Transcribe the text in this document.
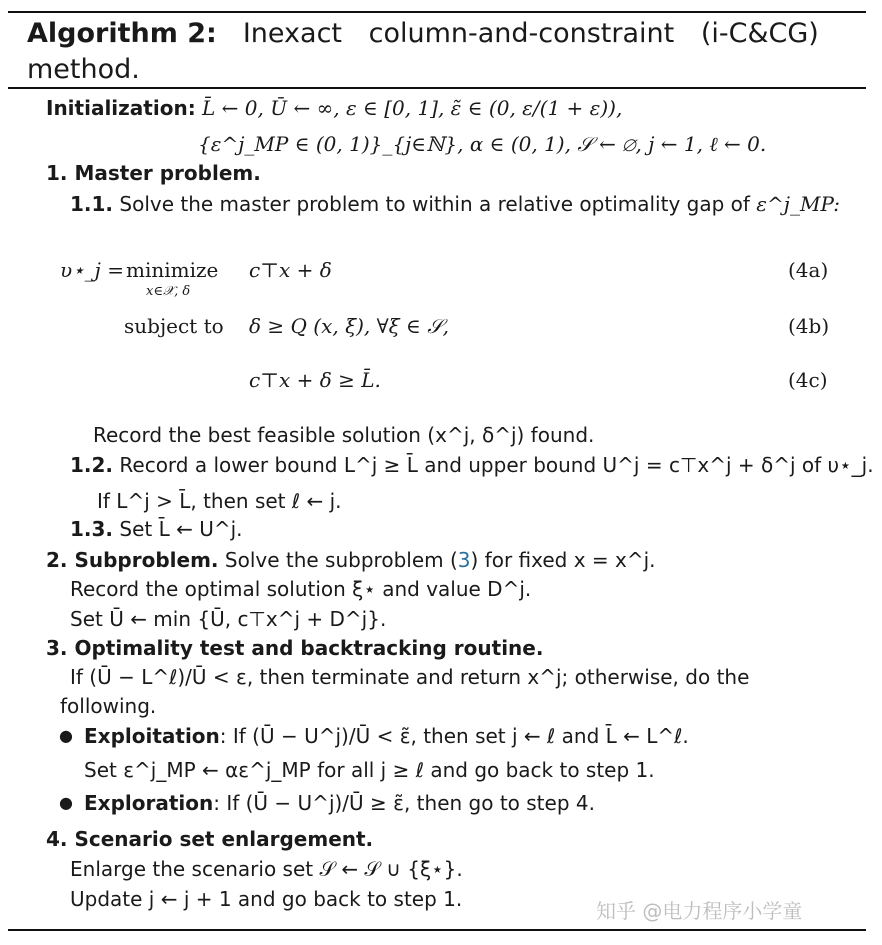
Algorithm 2: Inexact column-and-constraint (i-C&CG)
method.
Initialization: L̄ ← 0, Ū ← ∞, ε ∈ [0, 1], ε̃ ∈ (0, ε/(1 + ε)),
{ε^j_MP ∈ (0, 1)}_{j∈ℕ}, α ∈ (0, 1), 𝒮 ← ∅, j ← 1, ℓ ← 0.
1. Master problem.
1.1. Solve the master problem to within a relative optimality gap of ε^j_MP:
υ⋆_j = minimize
x∈𝒳, δ
c⊤x + δ	(4a)
subject to δ ≥ Q (x, ξ), ∀ξ ∈ 𝒮,	(4b)
c⊤x + δ ≥ L̄.	(4c)
Record the best feasible solution (x^j, δ^j) found.
1.2. Record a lower bound L^j ≥ L̄ and upper bound U^j = c⊤x^j + δ^j of υ⋆_j.
If L^j > L̄, then set ℓ ← j.
1.3. Set L̄ ← U^j.
2. Subproblem. Solve the subproblem (3) for fixed x = x^j.
Record the optimal solution ξ⋆ and value D^j.
Set Ū ← min {Ū, c⊤x^j + D^j}.
3. Optimality test and backtracking routine.
If (Ū − L^ℓ)/Ū < ε, then terminate and return x^j; otherwise, do the
following.
● Exploitation: If (Ū − U^j)/Ū < ε̃, then set j ← ℓ and L̄ ← L^ℓ.
Set ε^j_MP ← αε^j_MP for all j ≥ ℓ and go back to step 1.
● Exploration: If (Ū − U^j)/Ū ≥ ε̃, then go to step 4.
4. Scenario set enlargement.
Enlarge the scenario set 𝒮 ← 𝒮 ∪ {ξ⋆}.
Update j ← j + 1 and go back to step 1.	知乎 @电力程序小学童
